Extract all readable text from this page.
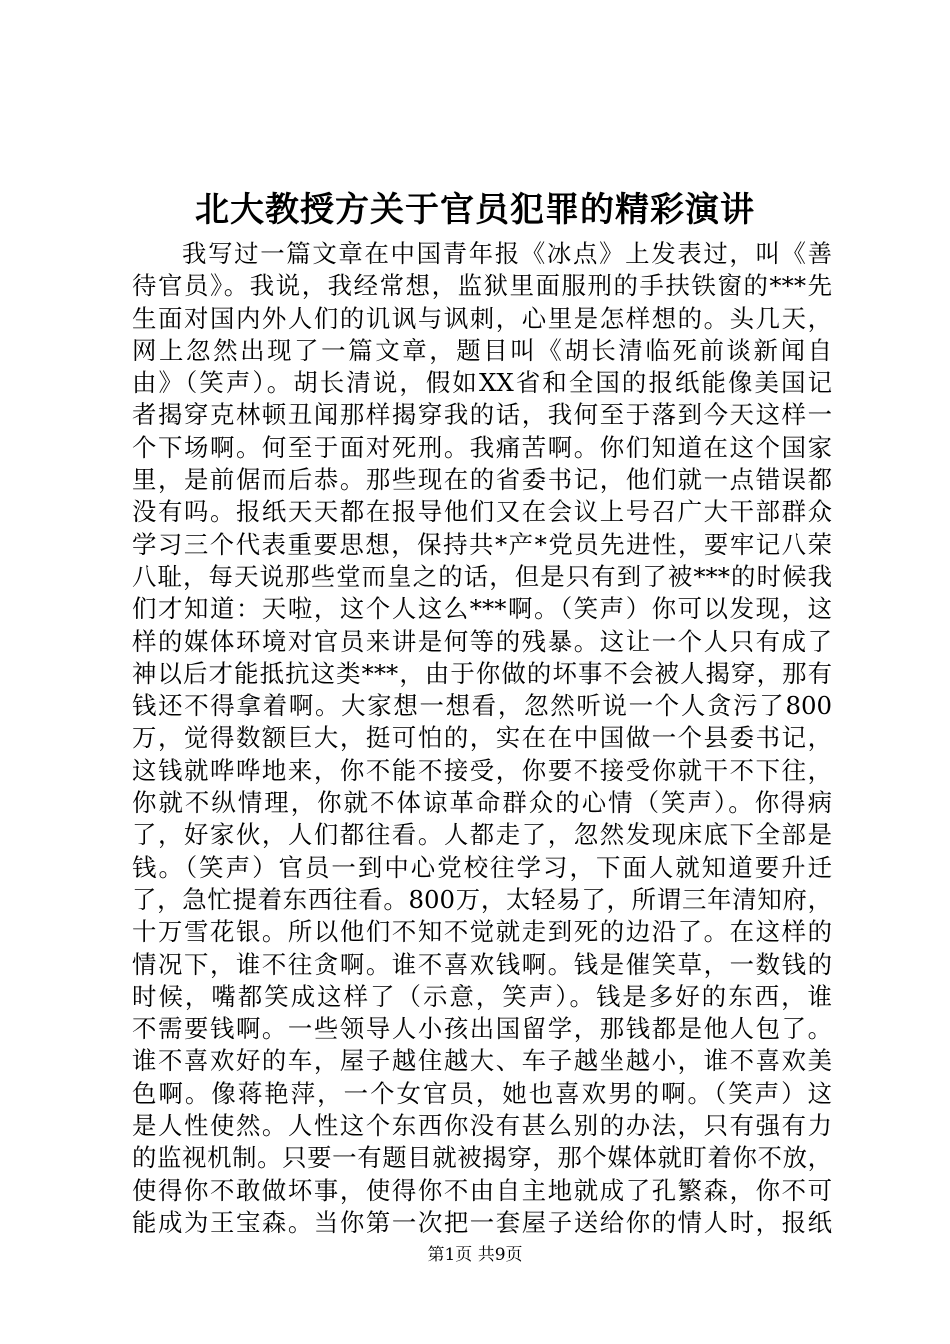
北大教授方关于官员犯罪的精彩演讲
我写过一篇文章在中国青年报《冰点》上发表过，叫《善
待官员》。我说，我经常想，监狱里面服刑的手扶铁窗的***先
生面对国内外人们的讥讽与讽刺，心里是怎样想的。头几天，
网上忽然出现了一篇文章，题目叫《胡长清临死前谈新闻自
由》（笑声）。胡长清说，假如XX省和全国的报纸能像美国记
者揭穿克林顿丑闻那样揭穿我的话，我何至于落到今天这样一
个下场啊。何至于面对死刑。我痛苦啊。你们知道在这个国家
里，是前倨而后恭。那些现在的省委书记，他们就一点错误都
没有吗。报纸天天都在报导他们又在会议上号召广大干部群众
学习三个代表重要思想，保持共*产*党员先进性，要牢记八荣
八耻，每天说那些堂而皇之的话，但是只有到了被***的时候我
们才知道：天啦，这个人这么***啊。（笑声）你可以发现，这
样的媒体环境对官员来讲是何等的残暴。这让一个人只有成了
神以后才能抵抗这类***，由于你做的坏事不会被人揭穿，那有
钱还不得拿着啊。大家想一想看，忽然听说一个人贪污了800
万，觉得数额巨大，挺可怕的，实在在中国做一个县委书记，
这钱就哗哗地来，你不能不接受，你要不接受你就干不下往，
你就不纵情理，你就不体谅革命群众的心情（笑声）。你得病
了，好家伙，人们都往看。人都走了，忽然发现床底下全部是
钱。（笑声）官员一到中心党校往学习，下面人就知道要升迁
了，急忙提着东西往看。800万，太轻易了，所谓三年清知府，
十万雪花银。所以他们不知不觉就走到死的边沿了。在这样的
情况下，谁不往贪啊。谁不喜欢钱啊。钱是催笑草，一数钱的
时候，嘴都笑成这样了（示意，笑声）。钱是多好的东西，谁
不需要钱啊。一些领导人小孩出国留学，那钱都是他人包了。
谁不喜欢好的车，屋子越住越大、车子越坐越小，谁不喜欢美
色啊。像蒋艳萍，一个女官员，她也喜欢男的啊。（笑声）这
是人性使然。人性这个东西你没有甚么别的办法，只有强有力
的监视机制。只要一有题目就被揭穿，那个媒体就盯着你不放，
使得你不敢做坏事，使得你不由自主地就成了孔繁森，你不可
能成为王宝森。当你第一次把一套屋子送给你的情人时，报纸
第1页 共9页
